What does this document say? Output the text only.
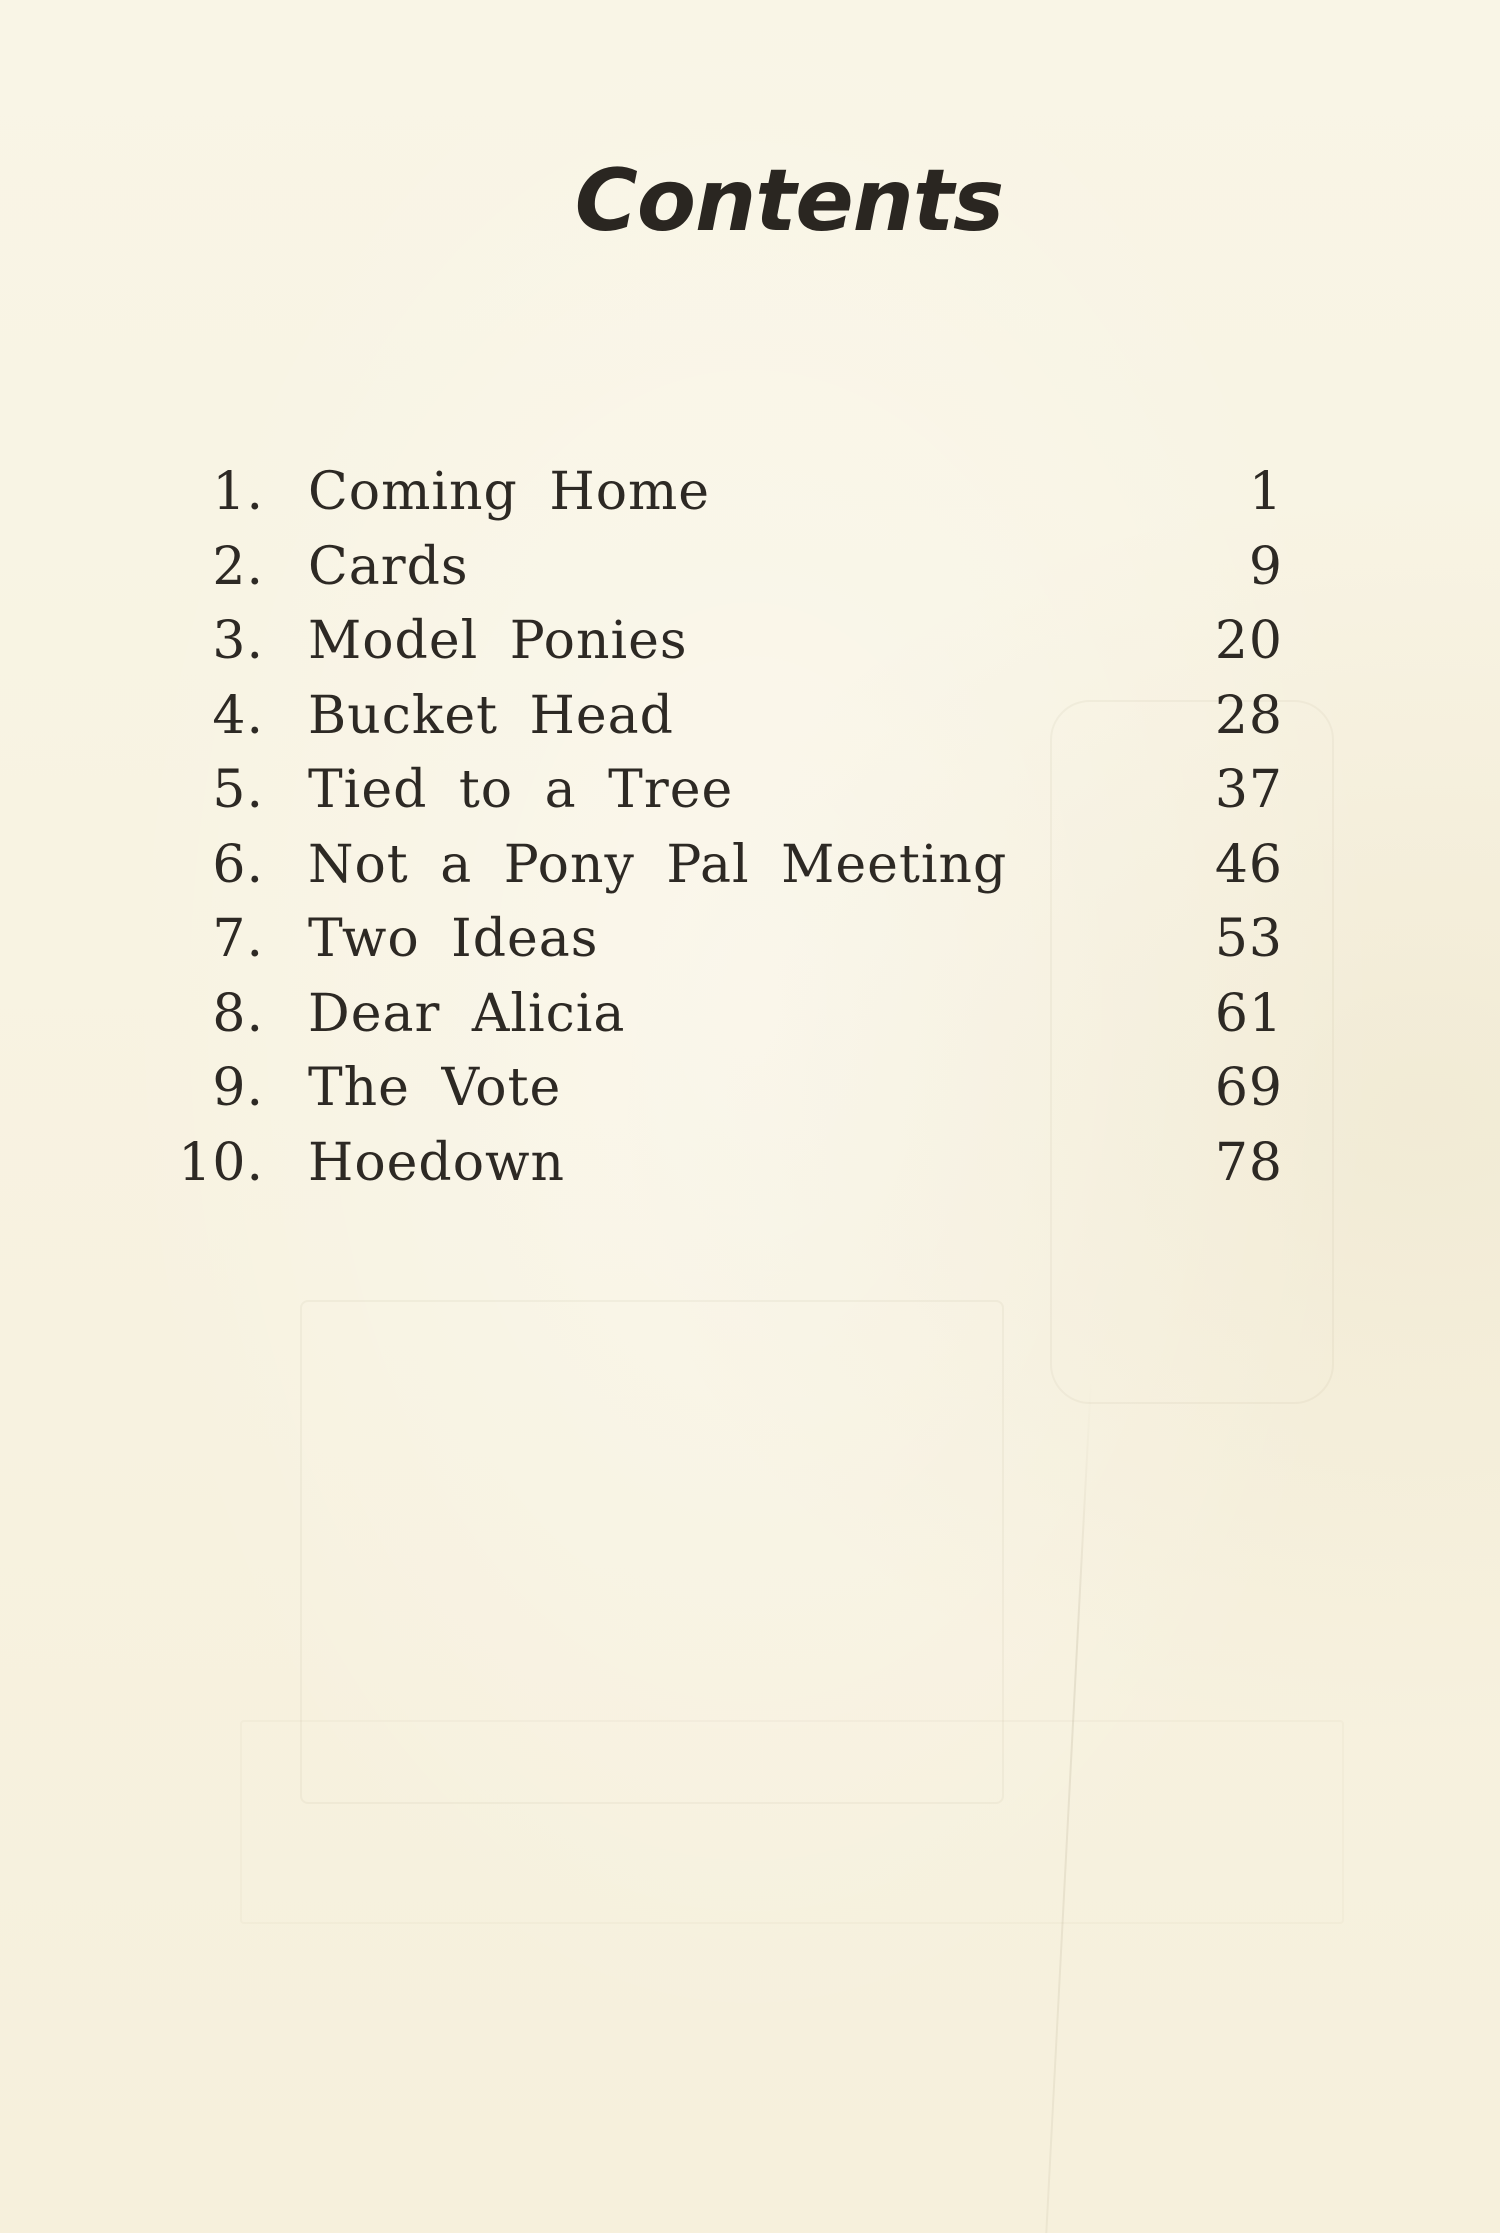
Contents
1. Coming Home	1
2. Cards	9
3. Model Ponies	20
4. Bucket Head	28
5. Tied to a Tree	37
6. Not a Pony Pal Meeting	46
7. Two Ideas	53
8. Dear Alicia	61
9. The Vote	69
10. Hoedown	78
